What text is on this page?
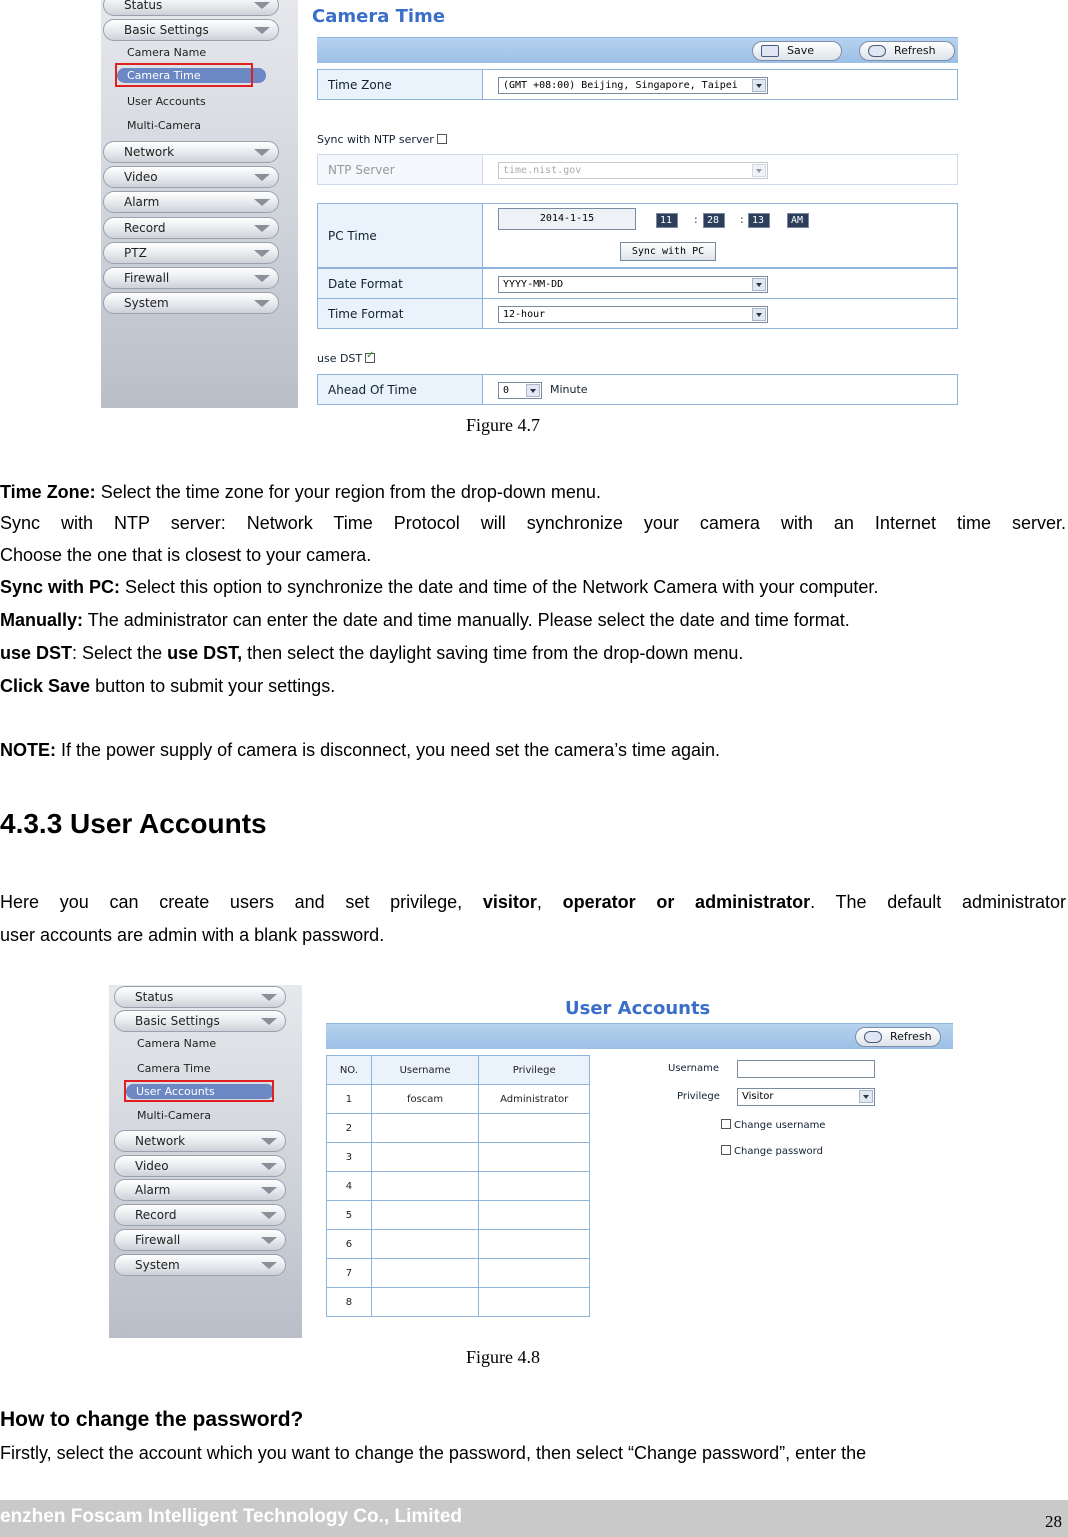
Status
Basic Settings
Camera Name
Camera Time
User Accounts
Multi-Camera
Network
Video
Alarm
Record
PTZ
Firewall
System
Camera Time
Save	Refresh
Time Zone	(GMT +08:00) Beijing, Singapore, Taipei
Sync with NTP server
NTP Server	time.nist.gov
PC Time
2014-1-15	11	: 28	: 13	AM
Sync with PC
Date Format	YYYY-MM-DD
Time Format	12-hour
use DST✓
Ahead Of Time	0	Minute
Figure 4.7
Time Zone: Select the time zone for your region from the drop-down menu.
Sync with NTP server: Network Time Protocol will synchronize your camera with an Internet time server.
Choose the one that is closest to your camera.
Sync with PC: Select this option to synchronize the date and time of the Network Camera with your computer.
Manually: The administrator can enter the date and time manually. Please select the date and time format.
use DST: Select the use DST, then select the daylight saving time from the drop-down menu.
Click Save button to submit your settings.
NOTE: If the power supply of camera is disconnect, you need set the camera’s time again.
4.3.3 User Accounts
Here you can create users and set privilege, visitor, operator or administrator. The default administrator
user accounts are admin with a blank password.
Status
Basic Settings
Camera Name
Camera Time
User Accounts
Multi-Camera
Network
Video
Alarm
Record
Firewall
System
User Accounts
Refresh
NO.	Username	Privilege
1	foscam	Administrator
2		
3		
4		
5		
6		
7		
8		
Username
Privilege	Visitor
Change username
Change password
Figure 4.8
How to change the password?
Firstly, select the account which you want to change the password, then select “Change password”, enter the
enzhen Foscam Intelligent Technology Co., Limited	28
